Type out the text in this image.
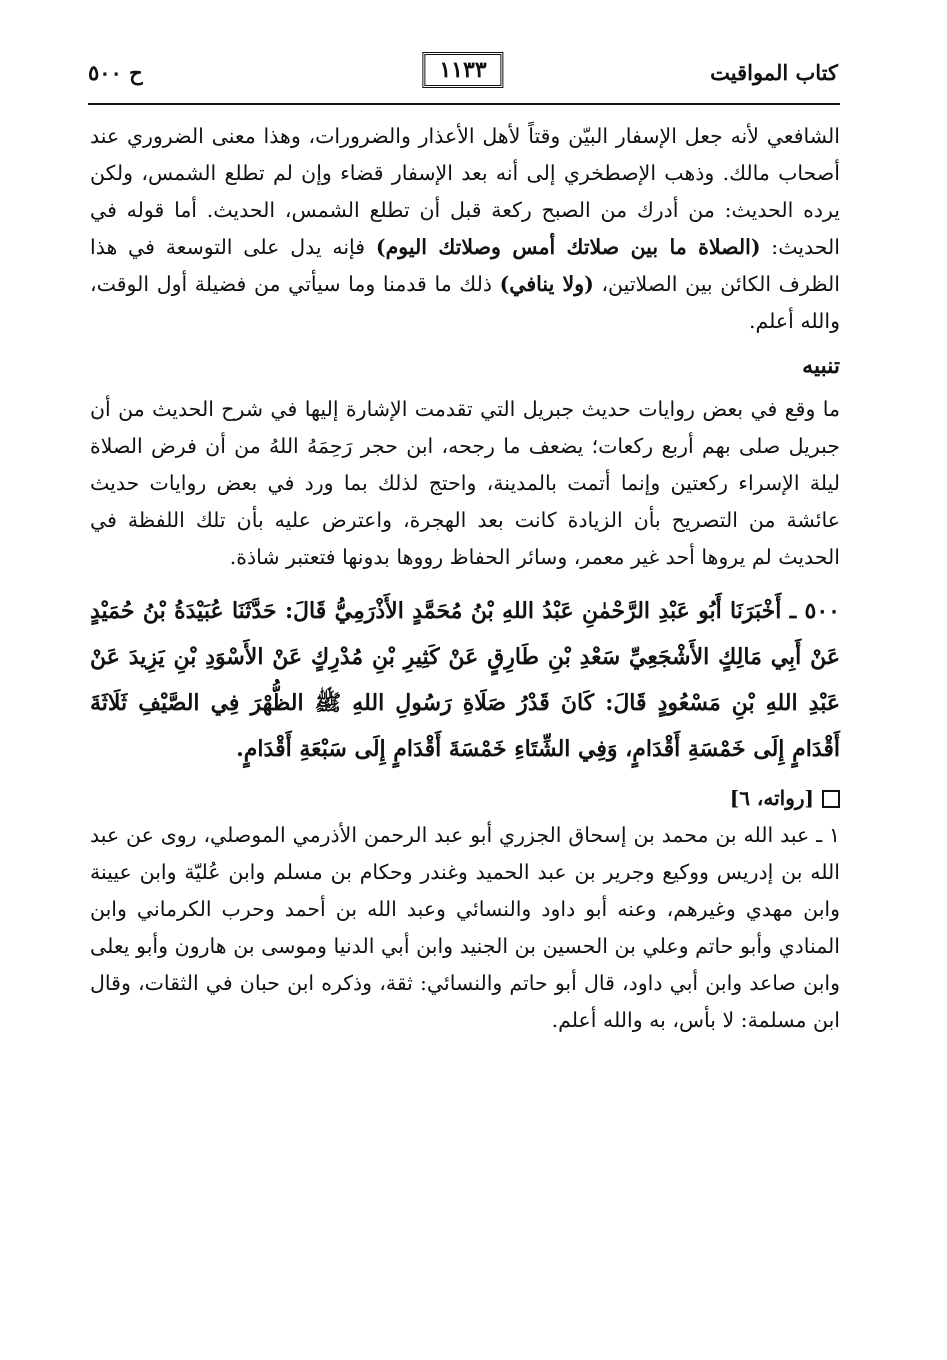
كتاب المواقيت
١١٣٣
ح ٥٠٠

الشافعي لأنه جعل الإسفار البيّن وقتاً لأهل الأعذار والضرورات، وهذا معنى الضروري عند أصحاب مالك. وذهب الإصطخري إلى أنه بعد الإسفار قضاء وإن لم تطلع الشمس، ولكن يرده الحديث: من أدرك من الصبح ركعة قبل أن تطلع الشمس، الحديث. أما قوله في الحديث: (الصلاة ما بين صلاتك أمس وصلاتك اليوم) فإنه يدل على التوسعة في هذا الظرف الكائن بين الصلاتين، (ولا ينافي) ذلك ما قدمنا وما سيأتي من فضيلة أول الوقت، والله أعلم.

تنبيه

ما وقع في بعض روايات حديث جبريل التي تقدمت الإشارة إليها في شرح الحديث من أن جبريل صلى بهم أربع ركعات؛ يضعف ما رجحه، ابن حجر رَحِمَهُ اللهُ من أن فرض الصلاة ليلة الإسراء ركعتين وإنما أتمت بالمدينة، واحتج لذلك بما ورد في بعض روايات حديث عائشة من التصريح بأن الزيادة كانت بعد الهجرة، واعترض عليه بأن تلك اللفظة في الحديث لم يروها أحد غير معمر، وسائر الحفاظ رووها بدونها فتعتبر شاذة.

٥٠٠ ـ أَخْبَرَنَا أَبُو عَبْدِ الرَّحْمٰنِ عَبْدُ اللهِ بْنُ مُحَمَّدٍ الأَذْرَمِيُّ قَالَ: حَدَّثَنَا عُبَيْدَةُ بْنُ حُمَيْدٍ عَنْ أَبِي مَالِكٍ الأَشْجَعِيِّ سَعْدِ بْنِ طَارِقٍ عَنْ كَثِيرِ بْنِ مُدْرِكٍ عَنْ الأَسْوَدِ بْنِ يَزِيدَ عَنْ عَبْدِ اللهِ بْنِ مَسْعُودٍ قَالَ: كَانَ قَدْرُ صَلَاةِ رَسُولِ اللهِ ﷺ الظُّهْرَ فِي الصَّيْفِ ثَلَاثَةَ أَقْدَامٍ إِلَى خَمْسَةِ أَقْدَامٍ، وَفِي الشِّتَاءِ خَمْسَةَ أَقْدَامٍ إِلَى سَبْعَةِ أَقْدَامٍ.

[رواته، ٦]

١ ـ عبد الله بن محمد بن إسحاق الجزري أبو عبد الرحمن الأذرمي الموصلي، روى عن عبد الله بن إدريس ووكيع وجرير بن عبد الحميد وغندر وحكام بن مسلم وابن عُليّة وابن عيينة وابن مهدي وغيرهم، وعنه أبو داود والنسائي وعبد الله بن أحمد وحرب الكرماني وابن المنادي وأبو حاتم وعلي بن الحسين بن الجنيد وابن أبي الدنيا وموسى بن هارون وأبو يعلى وابن صاعد وابن أبي داود، قال أبو حاتم والنسائي: ثقة، وذكره ابن حبان في الثقات، وقال ابن مسلمة: لا بأس، به والله أعلم.
